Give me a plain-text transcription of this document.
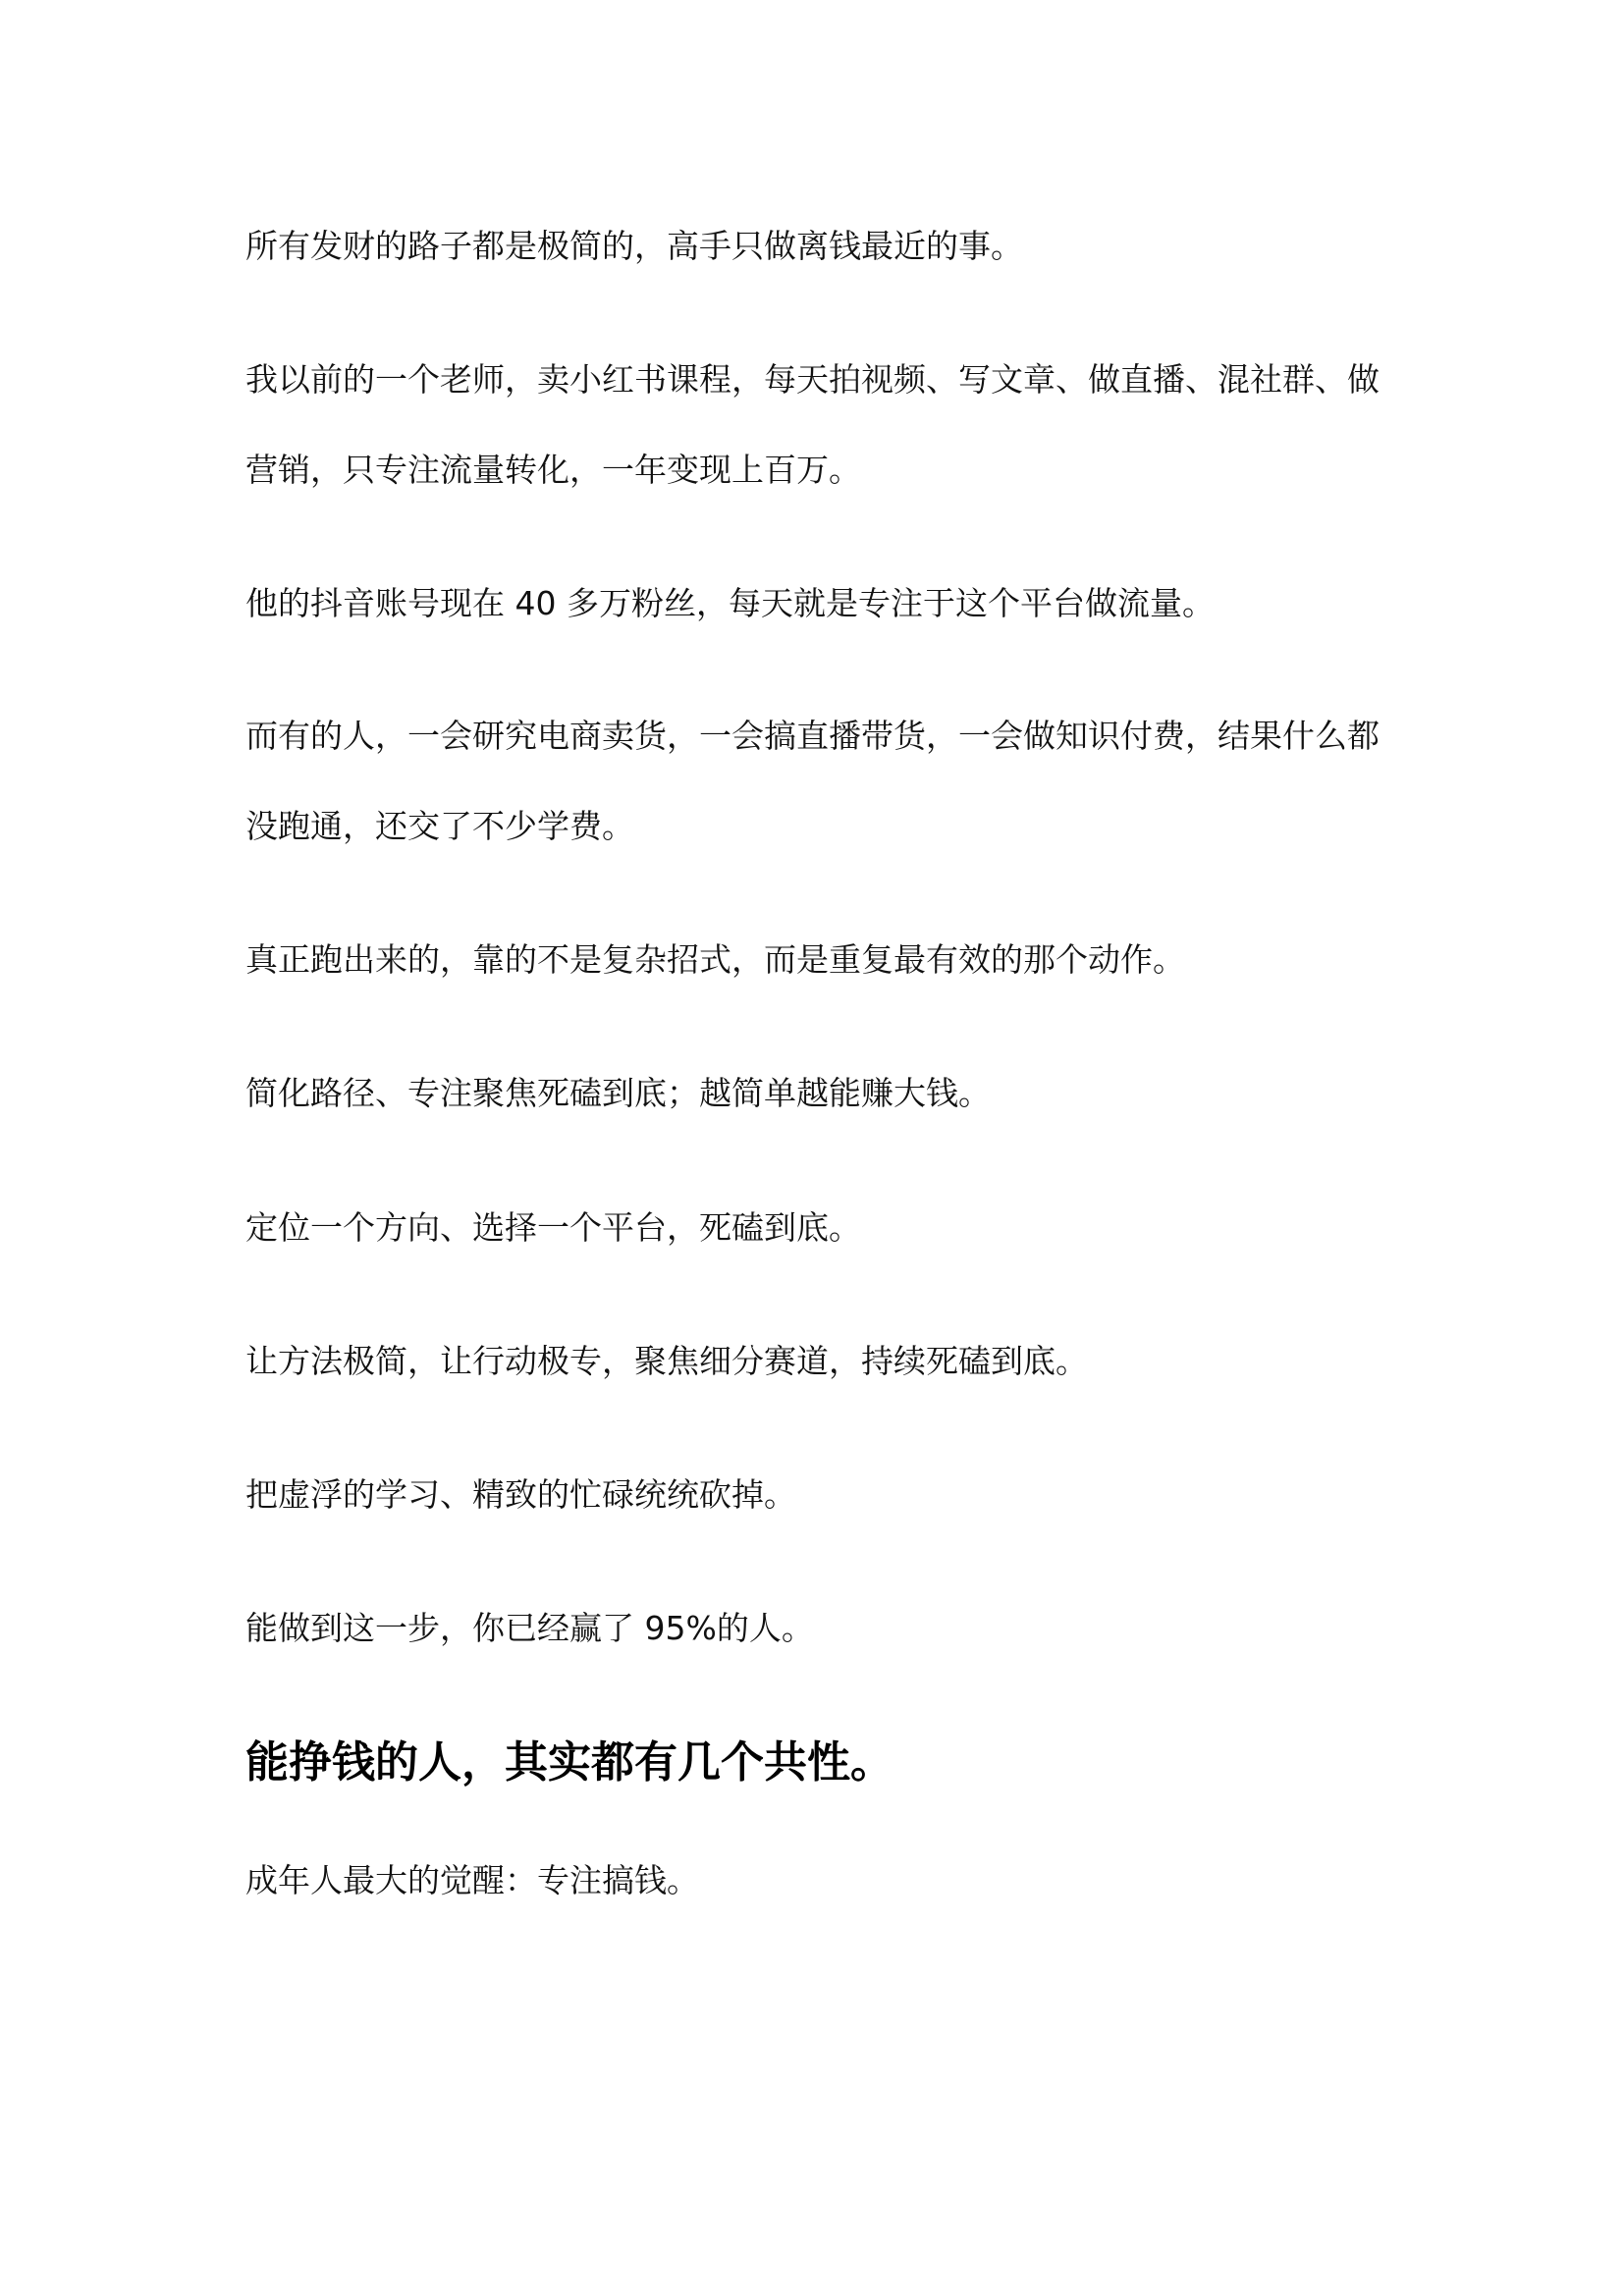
所有发财的路子都是极简的，高手只做离钱最近的事。

我以前的一个老师，卖小红书课程，每天拍视频、写文章、做直播、混社群、做营销，只专注流量转化，一年变现上百万。

他的抖音账号现在 40 多万粉丝，每天就是专注于这个平台做流量。

而有的人，一会研究电商卖货，一会搞直播带货，一会做知识付费，结果什么都没跑通，还交了不少学费。

真正跑出来的，靠的不是复杂招式，而是重复最有效的那个动作。

简化路径、专注聚焦死磕到底；越简单越能赚大钱。

定位一个方向、选择一个平台，死磕到底。

让方法极简，让行动极专，聚焦细分赛道，持续死磕到底。

把虚浮的学习、精致的忙碌统统砍掉。

能做到这一步，你已经赢了 95%的人。

能挣钱的人，其实都有几个共性。

成年人最大的觉醒：专注搞钱。
